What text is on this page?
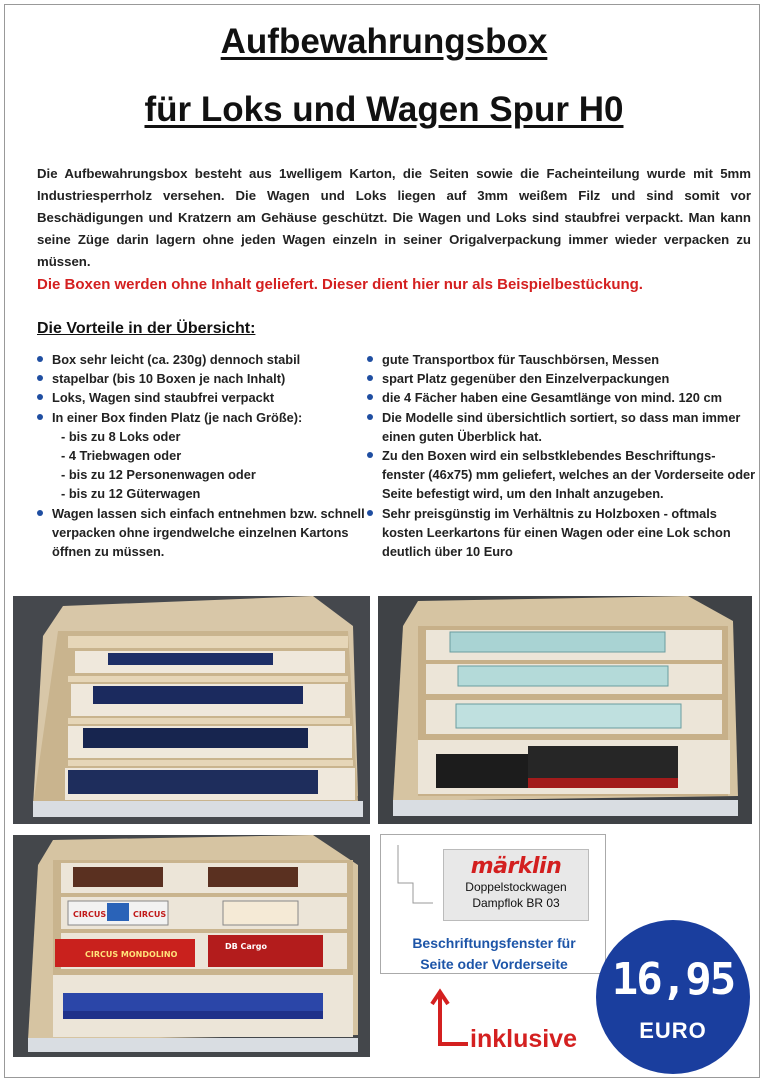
Aufbewahrungsbox
für Loks und Wagen Spur H0
Die Aufbewahrungsbox besteht aus 1welligem Karton, die Seiten sowie die Facheinteilung wurde mit 5mm Industriesperrholz versehen. Die Wagen und Loks liegen auf 3mm weißem Filz und sind somit vor Beschädigungen und Kratzern am Gehäuse geschützt. Die Wagen und Loks sind staubfrei verpackt. Man kann seine Züge darin lagern ohne jeden Wagen einzeln in seiner Origalverpackung immer wieder verpacken zu müssen.
Die Boxen werden ohne Inhalt geliefert. Dieser dient hier nur als Beispielbestückung.
Die Vorteile in der Übersicht:
Box sehr leicht (ca. 230g) dennoch stabil
stapelbar (bis 10 Boxen je nach Inhalt)
Loks, Wagen sind staubfrei verpackt
In einer Box finden Platz (je nach Größe):
- bis zu 8 Loks oder
- 4 Triebwagen oder
- bis zu 12 Personenwagen oder
- bis zu 12 Güterwagen
Wagen lassen sich einfach entnehmen bzw. schnell verpacken ohne irgendwelche einzelnen Kartons öffnen zu müssen.
gute Transportbox für Tauschbörsen, Messen
spart Platz gegenüber den Einzelverpackungen
die 4 Fächer haben eine Gesamtlänge von mind. 120 cm
Die Modelle sind übersichtlich sortiert, so dass man immer einen guten Überblick hat.
Zu den Boxen wird ein selbstklebendes Beschriftungs-fenster (46x75) mm geliefert, welches an der Vorderseite oder Seite befestigt wird, um den Inhalt anzugeben.
Sehr preisgünstig im Verhältnis zu Holzboxen - oftmals kosten Leerkartons für einen Wagen oder eine Lok schon deutlich über 10 Euro
CIRCUS	CIRCUS
CIRCUS MONDOLINO
DB Cargo
märklin
Doppelstockwagen
Dampflok BR 03
Beschriftungsfenster für
Seite oder Vorderseite
inklusive
16,95
EURO
